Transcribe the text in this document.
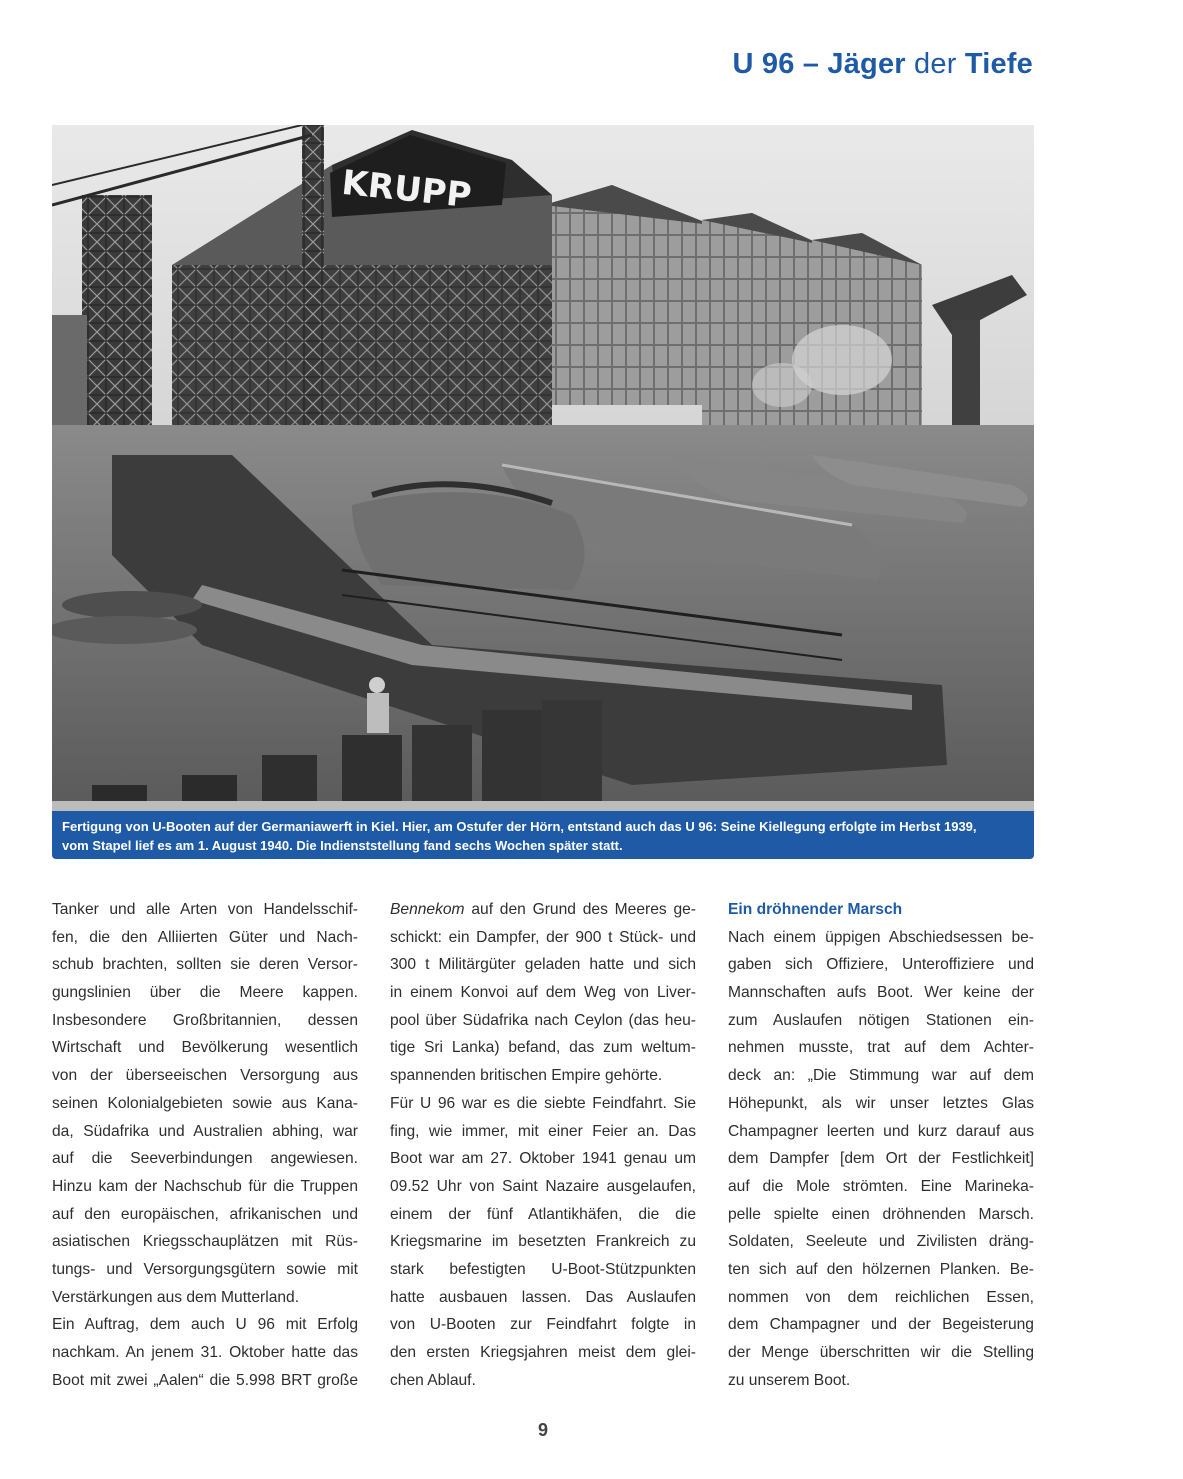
U 96 – Jäger der Tiefe
KRUPP
Fertigung von U-Booten auf der Germaniawerft in Kiel. Hier, am Ostufer der Hörn, entstand auch das U 96: Seine Kiellegung erfolgte im Herbst 1939,
vom Stapel lief es am 1. August 1940. Die Indienststellung fand sechs Wochen später statt.
Tanker und alle Arten von Handelsschif-
fen, die den Alliierten Güter und Nach-
schub brachten, sollten sie deren Versor-
gungslinien über die Meere kappen.
Insbesondere Großbritannien, dessen
Wirtschaft und Bevölkerung wesentlich
von der überseeischen Versorgung aus
seinen Kolonialgebieten sowie aus Kana-
da, Südafrika und Australien abhing, war
auf die Seeverbindungen angewiesen.
Hinzu kam der Nachschub für die Truppen
auf den europäischen, afrikanischen und
asiatischen Kriegsschauplätzen mit Rüs-
tungs- und Versorgungsgütern sowie mit
Verstärkungen aus dem Mutterland.
Ein Auftrag, dem auch U 96 mit Erfolg
nachkam. An jenem 31. Oktober hatte das
Boot mit zwei „Aalen“ die 5.998 BRT große
Bennekom auf den Grund des Meeres ge-
schickt: ein Dampfer, der 900 t Stück- und
300 t Militärgüter geladen hatte und sich
in einem Konvoi auf dem Weg von Liver-
pool über Südafrika nach Ceylon (das heu-
tige Sri Lanka) befand, das zum weltum-
spannenden britischen Empire gehörte.
Für U 96 war es die siebte Feindfahrt. Sie
fing, wie immer, mit einer Feier an. Das
Boot war am 27. Oktober 1941 genau um
09.52 Uhr von Saint Nazaire ausgelaufen,
einem der fünf Atlantikhäfen, die die
Kriegsmarine im besetzten Frankreich zu
stark befestigten U-Boot-Stützpunkten
hatte ausbauen lassen. Das Auslaufen
von U-Booten zur Feindfahrt folgte in
den ersten Kriegsjahren meist dem glei-
chen Ablauf.
Ein dröhnender Marsch
Nach einem üppigen Abschiedsessen be-
gaben sich Offiziere, Unteroffiziere und
Mannschaften aufs Boot. Wer keine der
zum Auslaufen nötigen Stationen ein-
nehmen musste, trat auf dem Achter-
deck an: „Die Stimmung war auf dem
Höhepunkt, als wir unser letztes Glas
Champagner leerten und kurz darauf aus
dem Dampfer [dem Ort der Festlichkeit]
auf die Mole strömten. Eine Marineka-
pelle spielte einen dröhnenden Marsch.
Soldaten, Seeleute und Zivilisten dräng-
ten sich auf den hölzernen Planken. Be-
nommen von dem reichlichen Essen,
dem Champagner und der Begeisterung
der Menge überschritten wir die Stelling
zu unserem Boot.
9
